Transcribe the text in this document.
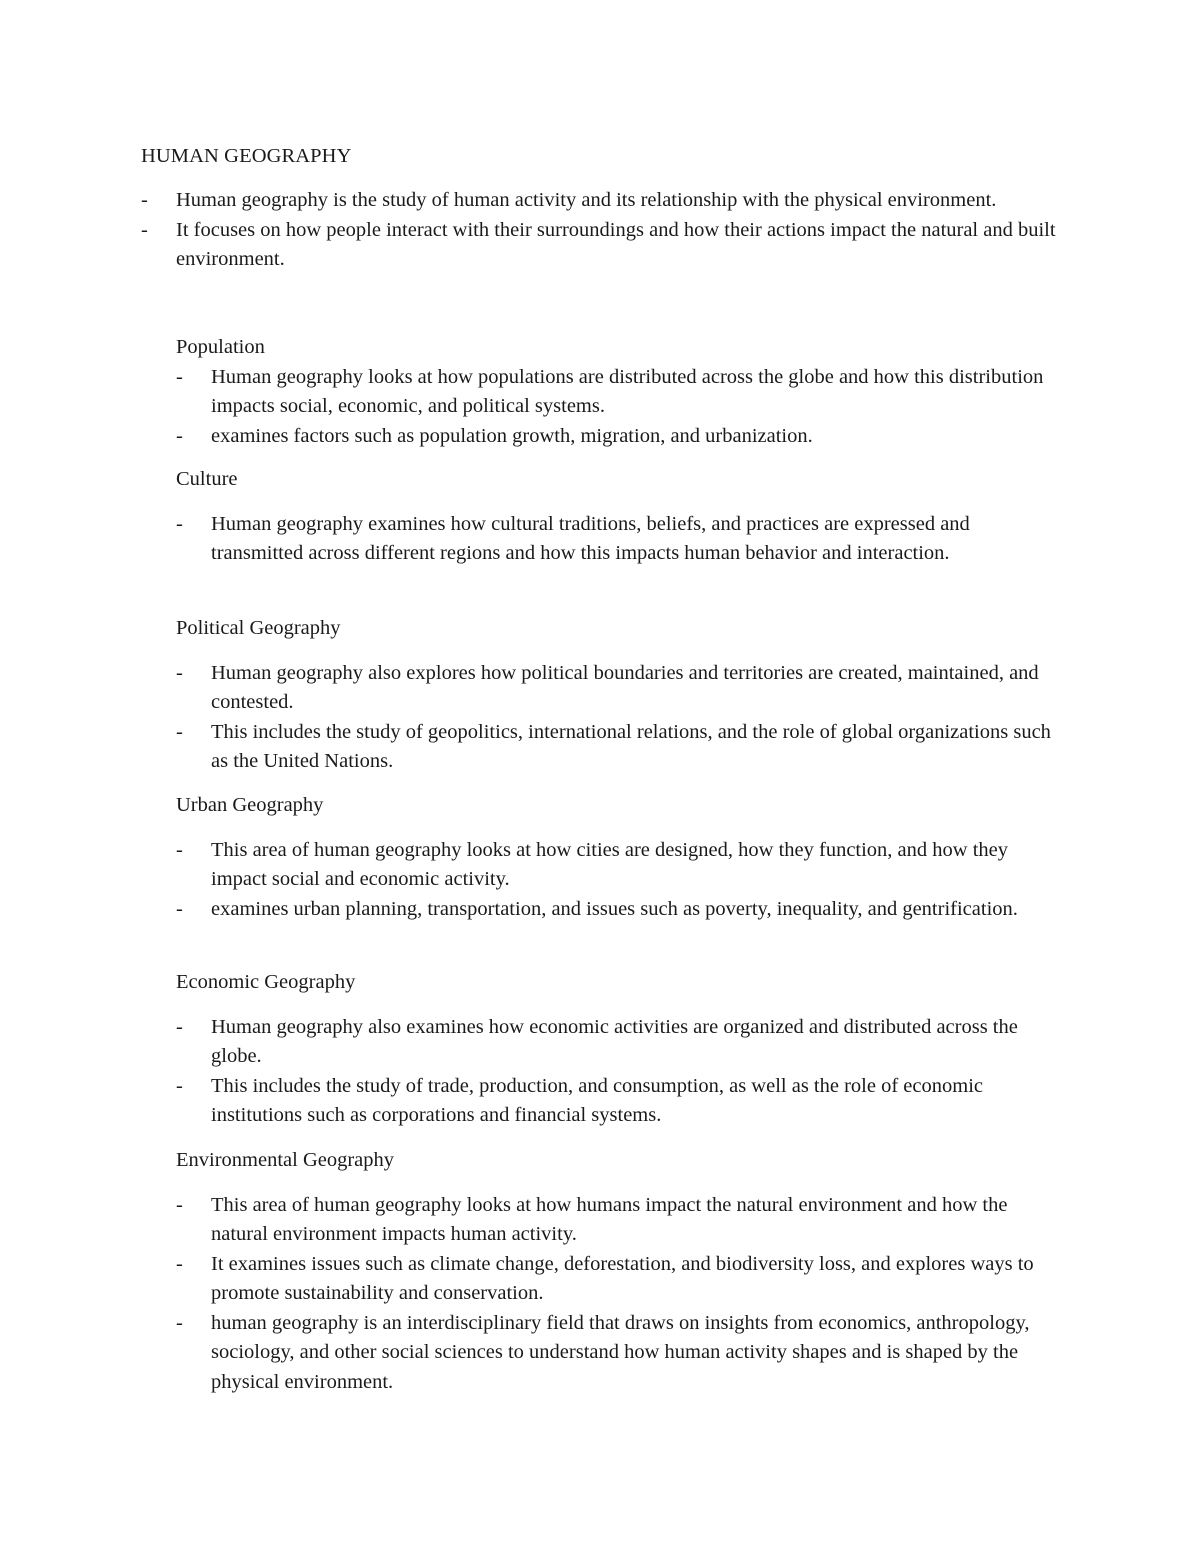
HUMAN GEOGRAPHY
- Human geography is the study of human activity and its relationship with the physical environment.
- It focuses on how people interact with their surroundings and how their actions impact the natural and built environment.
Population
- Human geography looks at how populations are distributed across the globe and how this distribution impacts social, economic, and political systems.
- examines factors such as population growth, migration, and urbanization.
Culture
- Human geography examines how cultural traditions, beliefs, and practices are expressed and transmitted across different regions and how this impacts human behavior and interaction.
Political Geography
- Human geography also explores how political boundaries and territories are created, maintained, and contested.
- This includes the study of geopolitics, international relations, and the role of global organizations such as the United Nations.
Urban Geography
- This area of human geography looks at how cities are designed, how they function, and how they impact social and economic activity.
- examines urban planning, transportation, and issues such as poverty, inequality, and gentrification.
Economic Geography
- Human geography also examines how economic activities are organized and distributed across the globe.
- This includes the study of trade, production, and consumption, as well as the role of economic institutions such as corporations and financial systems.
Environmental Geography
- This area of human geography looks at how humans impact the natural environment and how the natural environment impacts human activity.
- It examines issues such as climate change, deforestation, and biodiversity loss, and explores ways to promote sustainability and conservation.
- human geography is an interdisciplinary field that draws on insights from economics, anthropology, sociology, and other social sciences to understand how human activity shapes and is shaped by the physical environment.
